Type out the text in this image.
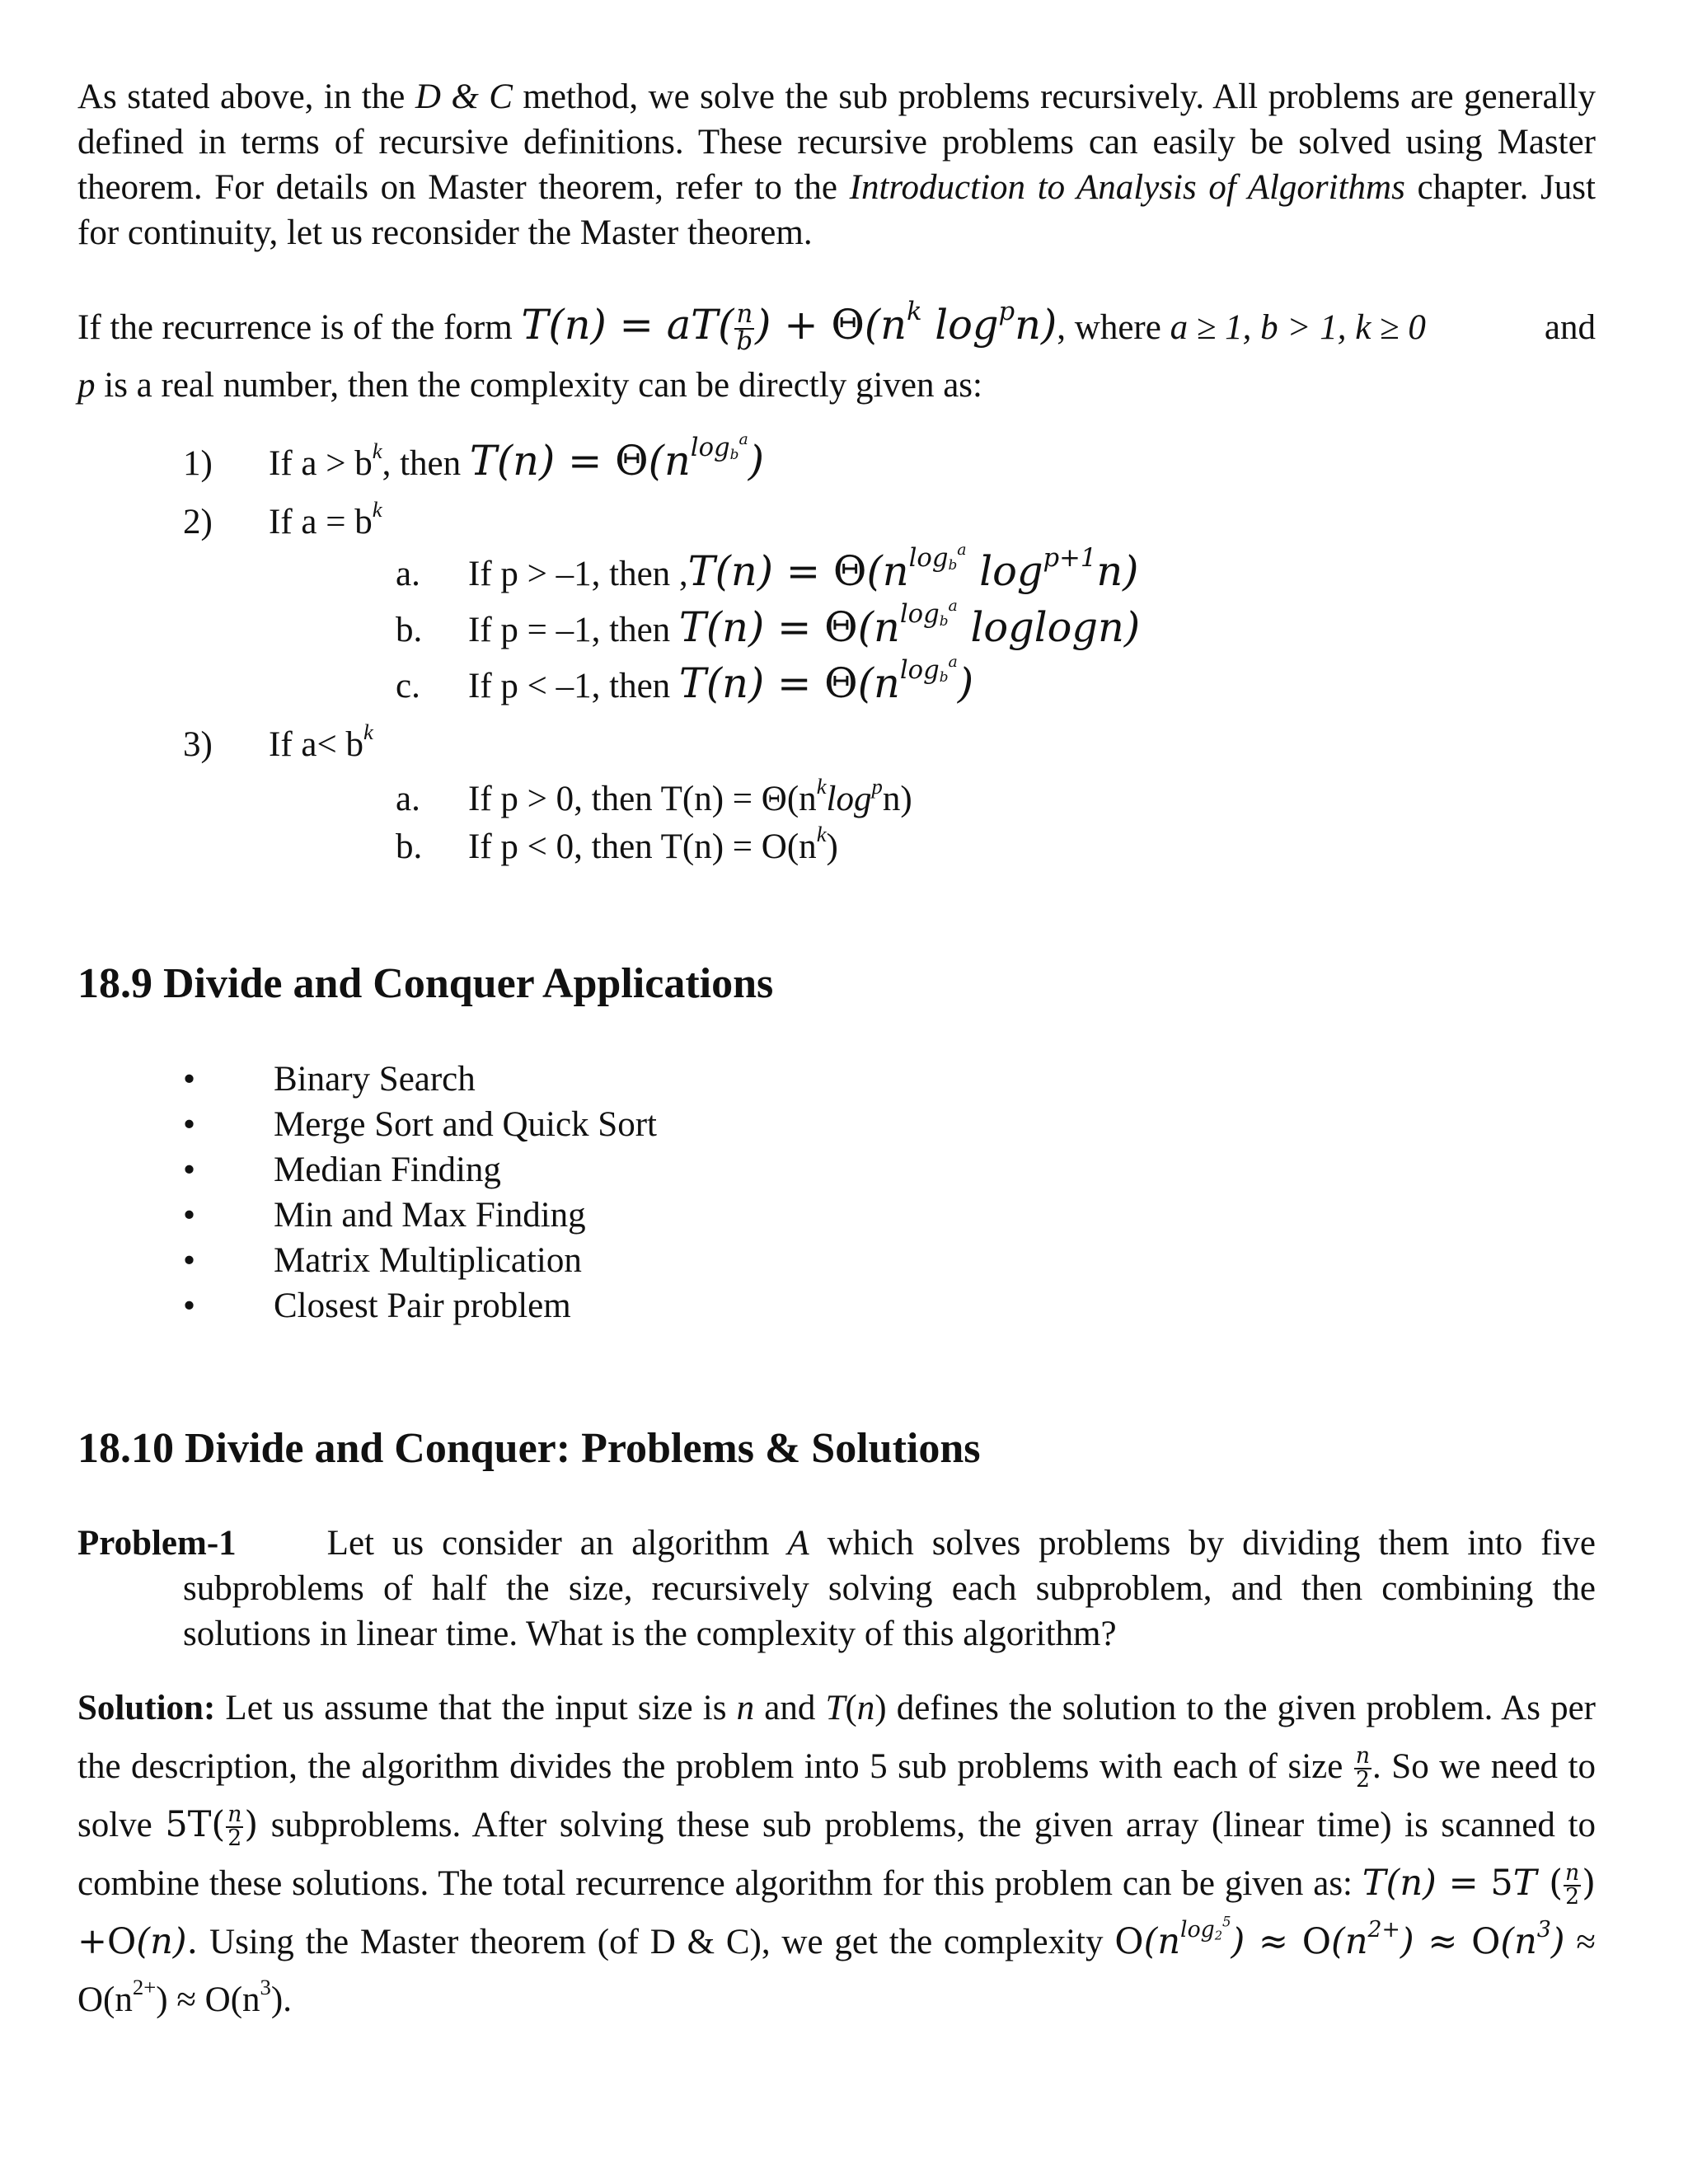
As stated above, in the D & C method, we solve the sub problems recursively. All problems are generally defined in terms of recursive definitions. These recursive problems can easily be solved using Master theorem. For details on Master theorem, refer to the Introduction to Analysis of Algorithms chapter. Just for continuity, let us reconsider the Master theorem.

If the recurrence is of the form $T(n) = aT( \frac{n}{b}$ ) + $\Theta(n^k$ $\log^pn$), where a ≥ 1, b > 1, k ≥ 0	and

p is a real number, then the complexity can be directly given as:

1) If $a > b^k$, then $T(n) = \Theta(n^{log_b^a})$
2) If $a = b^k$
a. If p > –1, then $,T(n) = \Theta(n^{log_b^a}$ $\log^{p+1}n$)
b. If p = –1, then $T(n) = \Theta(n^{log_b^a}$ loglogn)
c. If p < –1, then $T(n) = \Theta(n^{log_b^a})$
3) If $a< b^k$
a. If p > 0, then $T(n) = \Theta(n^k\log^pn)$
b. If p < 0, then $T(n) = O(n^k)$
18.9 Divide and Conquer Applications
• Binary Search
• Merge Sort and Quick Sort
• Median Finding
• Min and Max Finding
• Matrix Multiplication
• Closest Pair problem
18.10 Divide and Conquer: Problems & Solutions

Problem-1	Let us consider an algorithm A which solves problems by dividing them into five subproblems of half the size, recursively solving each subproblem, and then combining the solutions in linear time. What is the complexity of this algorithm?

Solution: Let us assume that the input size is n and T(n) defines the solution to the given problem. As per the description, the algorithm divides the problem into 5 sub problems with each of size $\frac{n}{2}$ . So we need to solve $5T( \frac{n}{2}$ ) subproblems. After solving these sub problems, the given array (linear time) is scanned to combine these solutions. The total recurrence algorithm for this problem can be given as: T(n) = 5T ( $\frac{n}{2}$ ) +O(n). Using the Master theorem (of D & C), we get the complexity $O(n^{log_2^5}) \approx O(n^{2+}) \approx O(n^3) \approx O(n^{2+}) \approx O(n^3)$.
